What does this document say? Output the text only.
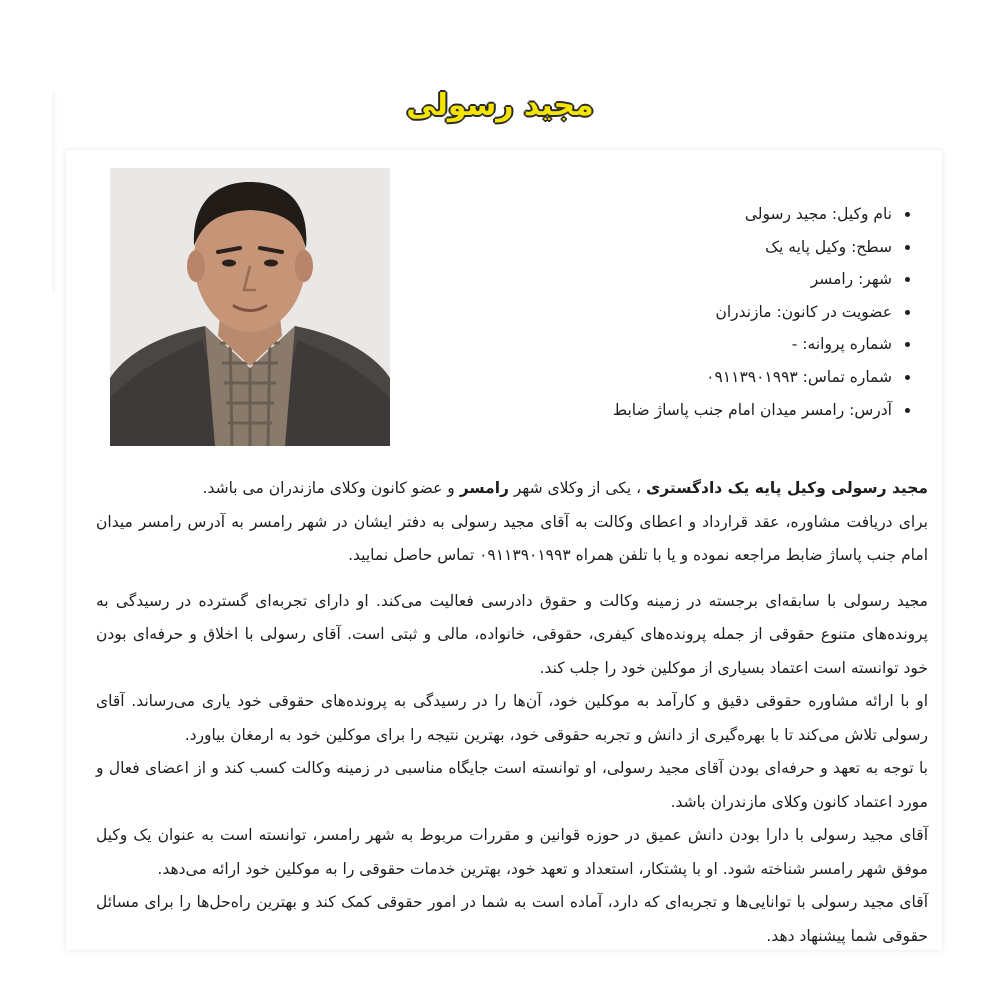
مجید رسولی
• نام وکیل: مجید رسولی
• سطح: وکیل پایه یک
• شهر: رامسر
• عضویت در کانون: مازندران
• شماره پروانه: -
• شماره تماس: ۰۹۱۱۳۹۰۱۹۹۳
• آدرس: رامسر میدان امام جنب پاساژ ضابط

مجید رسولی وکیل پایه یک دادگستری ، یکی از وکلای شهر رامسر و عضو کانون وکلای مازندران می باشد.
برای دریافت مشاوره، عقد قرارداد و اعطای وکالت به آقای مجید رسولی به دفتر ایشان در شهر رامسر به آدرس رامسر میدان امام جنب پاساژ ضابط مراجعه نموده و یا با تلفن همراه ۰۹۱۱۳۹۰۱۹۹۳ تماس حاصل نمایید.

مجید رسولی با سابقه‌ای برجسته در زمینه وکالت و حقوق دادرسی فعالیت می‌کند. او دارای تجربه‌ای گسترده در رسیدگی به پرونده‌های متنوع حقوقی از جمله پرونده‌های کیفری، حقوقی، خانواده، مالی و ثبتی است. آقای رسولی با اخلاق و حرفه‌ای بودن خود توانسته است اعتماد بسیاری از موکلین خود را جلب کند.

او با ارائه مشاوره حقوقی دقیق و کارآمد به موکلین خود، آن‌ها را در رسیدگی به پرونده‌های حقوقی خود یاری می‌رساند. آقای رسولی تلاش می‌کند تا با بهره‌گیری از دانش و تجربه حقوقی خود، بهترین نتیجه را برای موکلین خود به ارمغان بیاورد.

با توجه به تعهد و حرفه‌ای بودن آقای مجید رسولی، او توانسته است جایگاه مناسبی در زمینه وکالت کسب کند و از اعضای فعال و مورد اعتماد کانون وکلای مازندران باشد.

آقای مجید رسولی با دارا بودن دانش عمیق در حوزه قوانین و مقررات مربوط به شهر رامسر، توانسته است به عنوان یک وکیل موفق شهر رامسر شناخته شود. او با پشتکار، استعداد و تعهد خود، بهترین خدمات حقوقی را به موکلین خود ارائه می‌دهد.

آقای مجید رسولی با توانایی‌ها و تجربه‌ای که دارد، آماده است به شما در امور حقوقی کمک کند و بهترین راه‌حل‌ها را برای مسائل حقوقی شما پیشنهاد دهد.
